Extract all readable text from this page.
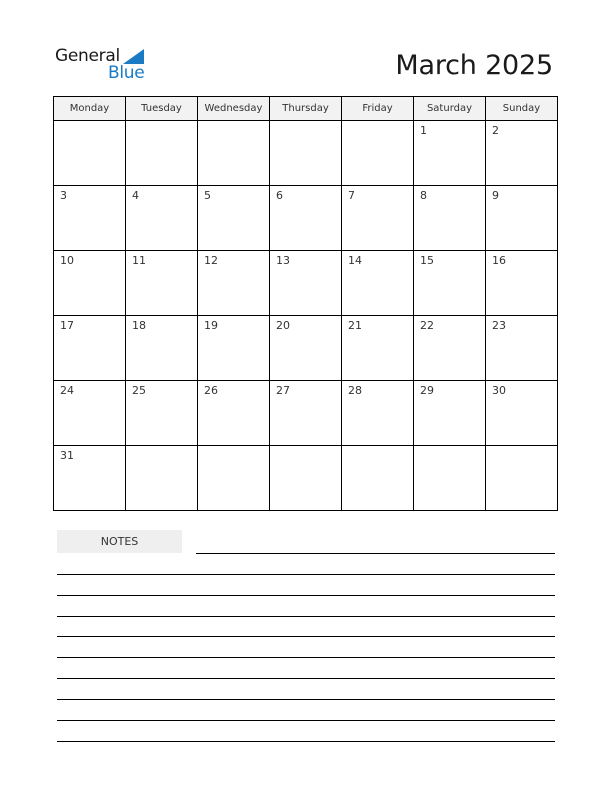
General
Blue	March 2025
Monday	Tuesday	Wednesday	Thursday	Friday	Saturday	Sunday

					1	2

3	4	5	6	7	8	9

10	11	12	13	14	15	16

17	18	19	20	21	22	23

24	25	26	27	28	29	30

31						

NOTES
